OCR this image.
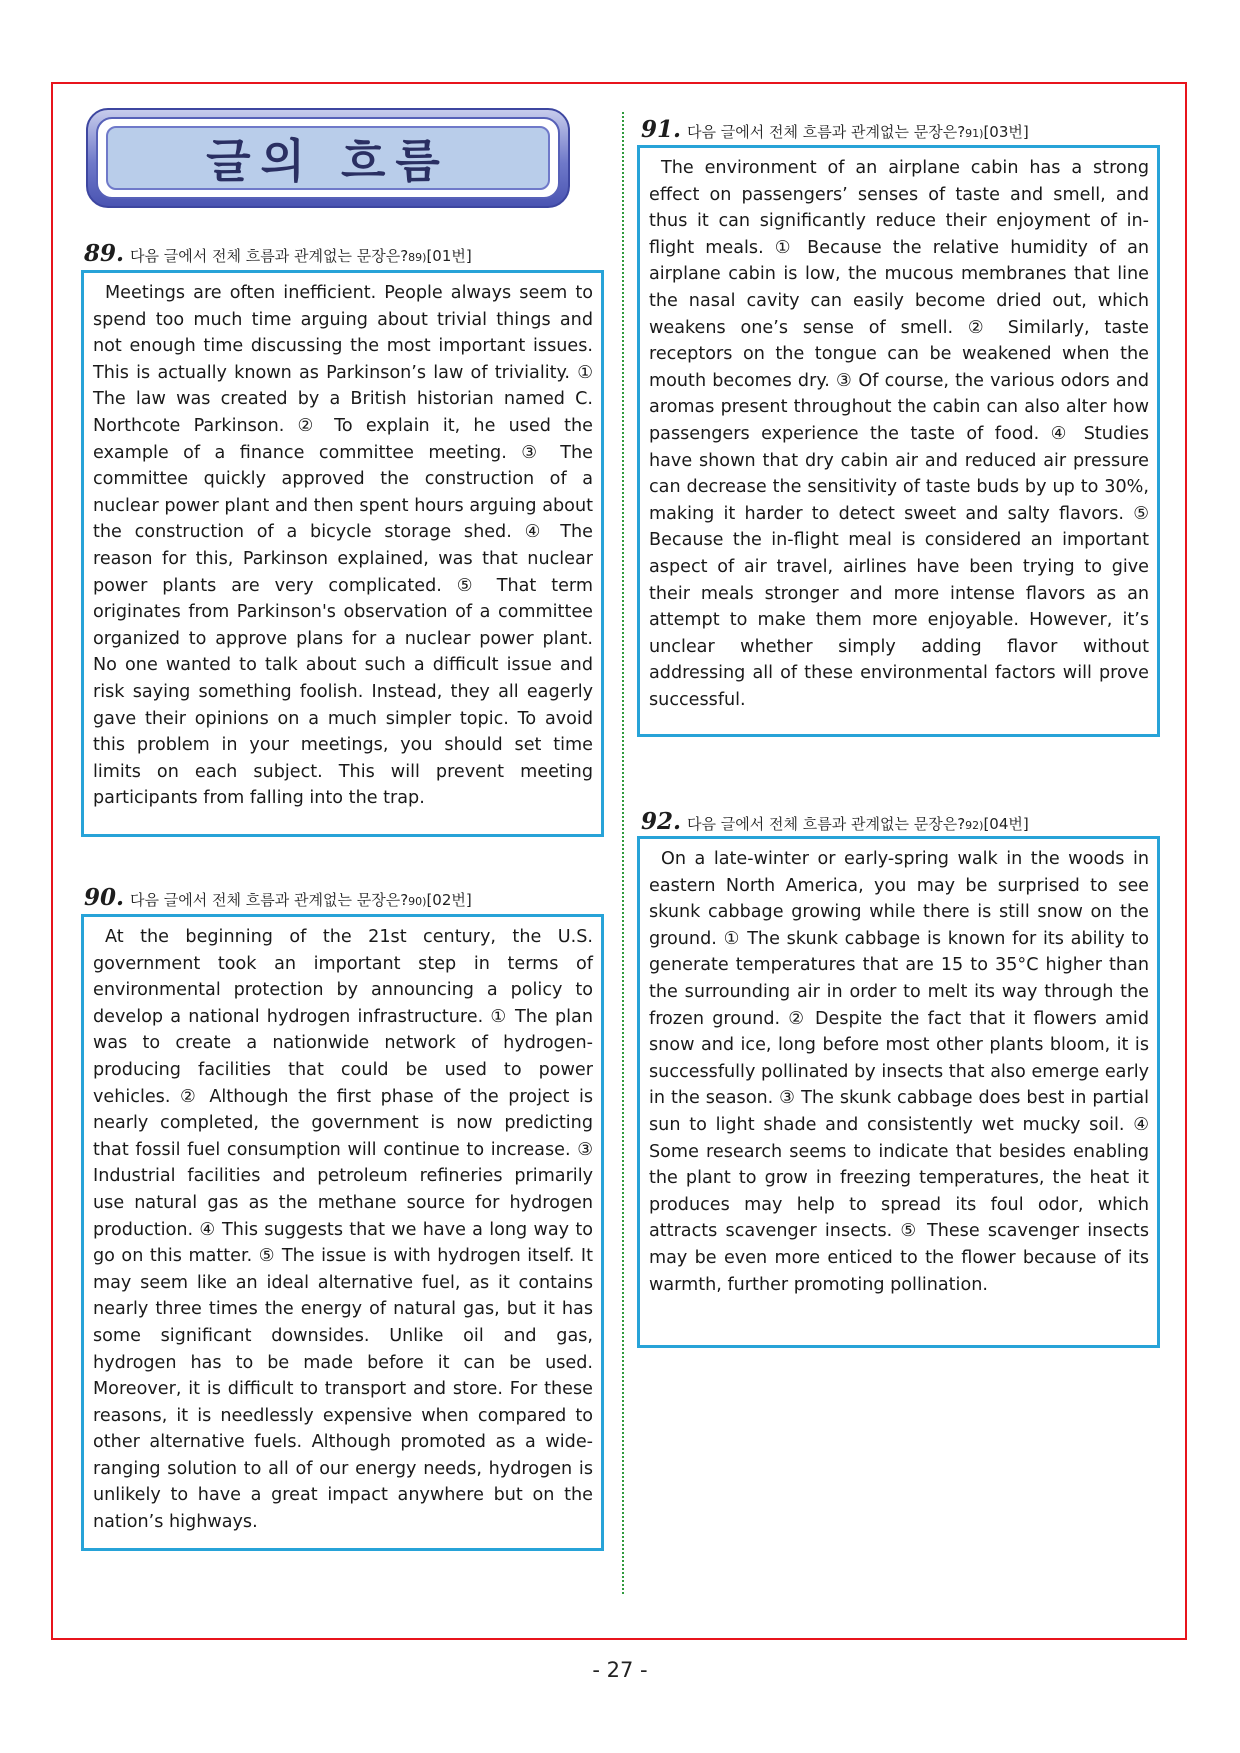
글의 흐름
89. 다음 글에서 전체 흐름과 관계없는 문장은? 89) [01번]

Meetings are often inefficient. People always seem to spend too much time arguing about trivial things and not enough time discussing the most important issues. This is actually known as Parkinson’s law of triviality. ① The law was created by a British historian named C. Northcote Parkinson. ② To explain it, he used the example of a finance committee meeting. ③ The committee quickly approved the construction of a nuclear power plant and then spent hours arguing about the construction of a bicycle storage shed. ④ The reason for this, Parkinson explained, was that nuclear power plants are very complicated. ⑤ That term originates from Parkinson's observation of a committee organized to approve plans for a nuclear power plant. No one wanted to talk about such a difficult issue and risk saying something foolish. Instead, they all eagerly gave their opinions on a much simpler topic. To avoid this problem in your meetings, you should set time limits on each subject. This will prevent meeting participants from falling into the trap.

90. 다음 글에서 전체 흐름과 관계없는 문장은? 90) [02번]

At the beginning of the 21st century, the U.S. government took an important step in terms of environmental protection by announcing a policy to develop a national hydrogen infrastructure. ① The plan was to create a nationwide network of hydrogen-producing facilities that could be used to power vehicles. ② Although the first phase of the project is nearly completed, the government is now predicting that fossil fuel consumption will continue to increase. ③ Industrial facilities and petroleum refineries primarily use natural gas as the methane source for hydrogen production. ④ This suggests that we have a long way to go on this matter. ⑤ The issue is with hydrogen itself. It may seem like an ideal alternative fuel, as it contains nearly three times the energy of natural gas, but it has some significant downsides. Unlike oil and gas, hydrogen has to be made before it can be used. Moreover, it is difficult to transport and store. For these reasons, it is needlessly expensive when compared to other alternative fuels. Although promoted as a wide-ranging solution to all of our energy needs, hydrogen is unlikely to have a great impact anywhere but on the nation’s highways.

91. 다음 글에서 전체 흐름과 관계없는 문장은? 91) [03번]

The environment of an airplane cabin has a strong effect on passengers’ senses of taste and smell, and thus it can significantly reduce their enjoyment of in-flight meals. ① Because the relative humidity of an airplane cabin is low, the mucous membranes that line the nasal cavity can easily become dried out, which weakens one’s sense of smell. ② Similarly, taste receptors on the tongue can be weakened when the mouth becomes dry. ③ Of course, the various odors and aromas present throughout the cabin can also alter how passengers experience the taste of food. ④ Studies have shown that dry cabin air and reduced air pressure can decrease the sensitivity of taste buds by up to 30%, making it harder to detect sweet and salty flavors. ⑤ Because the in-flight meal is considered an important aspect of air travel, airlines have been trying to give their meals stronger and more intense flavors as an attempt to make them more enjoyable. However, it’s unclear whether simply adding flavor without addressing all of these environmental factors will prove successful.

92. 다음 글에서 전체 흐름과 관계없는 문장은? 92) [04번]

On a late-winter or early-spring walk in the woods in eastern North America, you may be surprised to see skunk cabbage growing while there is still snow on the ground. ① The skunk cabbage is known for its ability to generate temperatures that are 15 to 35°C higher than the surrounding air in order to melt its way through the frozen ground. ② Despite the fact that it flowers amid snow and ice, long before most other plants bloom, it is successfully pollinated by insects that also emerge early in the season. ③ The skunk cabbage does best in partial sun to light shade and consistently wet mucky soil. ④ Some research seems to indicate that besides enabling the plant to grow in freezing temperatures, the heat it produces may help to spread its foul odor, which attracts scavenger insects. ⑤ These scavenger insects may be even more enticed to the flower because of its warmth, further promoting pollination.

- 27 -
